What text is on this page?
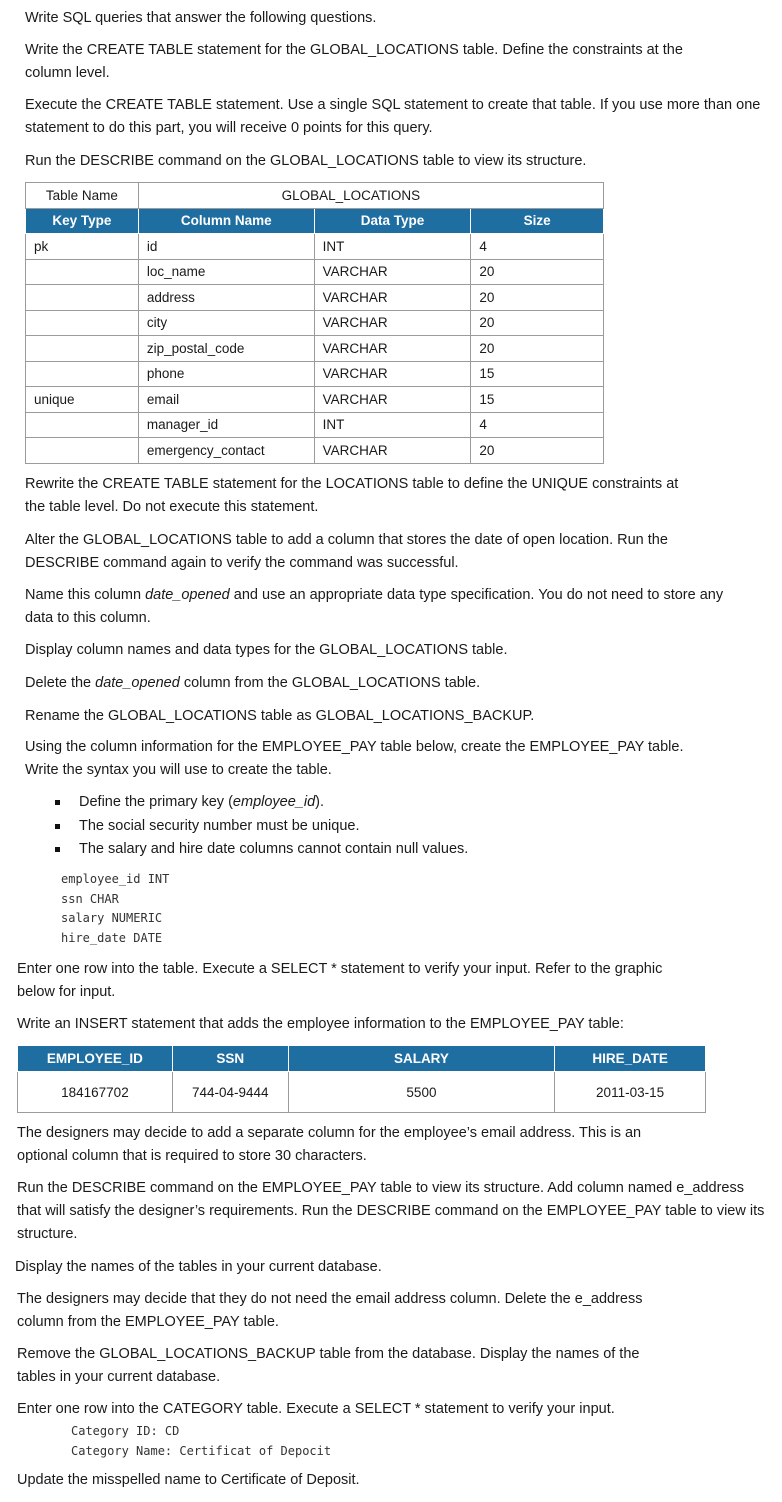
Write SQL queries that answer the following questions.

Write the CREATE TABLE statement for the GLOBAL_LOCATIONS table. Define the constraints at the
column level.

Execute the CREATE TABLE statement. Use a single SQL statement to create that table. If you use more than one
statement to do this part, you will receive 0 points for this query.

Run the DESCRIBE command on the GLOBAL_LOCATIONS table to view its structure.

Table Name	GLOBAL_LOCATIONS		
Key Type	Column Name	Data Type	Size
pk	id	INT	4
	loc_name	VARCHAR	20
	address	VARCHAR	20
	city	VARCHAR	20
	zip_postal_code	VARCHAR	20
	phone	VARCHAR	15
unique	email	VARCHAR	15
	manager_id	INT	4
	emergency_contact	VARCHAR	20

Rewrite the CREATE TABLE statement for the LOCATIONS table to define the UNIQUE constraints at
the table level. Do not execute this statement.

Alter the GLOBAL_LOCATIONS table to add a column that stores the date of open location. Run the
DESCRIBE command again to verify the command was successful.

Name this column date_opened and use an appropriate data type specification. You do not need to store any
data to this column.

Display column names and data types for the GLOBAL_LOCATIONS table.

Delete the date_opened column from the GLOBAL_LOCATIONS table.

Rename the GLOBAL_LOCATIONS table as GLOBAL_LOCATIONS_BACKUP.

Using the column information for the EMPLOYEE_PAY table below, create the EMPLOYEE_PAY table.
Write the syntax you will use to create the table.

Define the primary key (employee_id).
The social security number must be unique.
The salary and hire date columns cannot contain null values.
employee_id INT
ssn CHAR
salary NUMERIC
hire_date DATE

Enter one row into the table. Execute a SELECT * statement to verify your input. Refer to the graphic
below for input.

Write an INSERT statement that adds the employee information to the EMPLOYEE_PAY table:

EMPLOYEE_ID	SSN	SALARY	HIRE_DATE
184167702	744-04-9444	5500	2011-03-15

The designers may decide to add a separate column for the employee’s email address. This is an
optional column that is required to store 30 characters.

Run the DESCRIBE command on the EMPLOYEE_PAY table to view its structure. Add column named e_address
that will satisfy the designer’s requirements. Run the DESCRIBE command on the EMPLOYEE_PAY table to view its
structure.

Display the names of the tables in your current database.

The designers may decide that they do not need the email address column. Delete the e_address
column from the EMPLOYEE_PAY table.

Remove the GLOBAL_LOCATIONS_BACKUP table from the database. Display the names of the
tables in your current database.

Enter one row into the CATEGORY table. Execute a SELECT * statement to verify your input.

Category ID: CD
Category Name: Certificat of Depocit

Update the misspelled name to Certificate of Deposit.
